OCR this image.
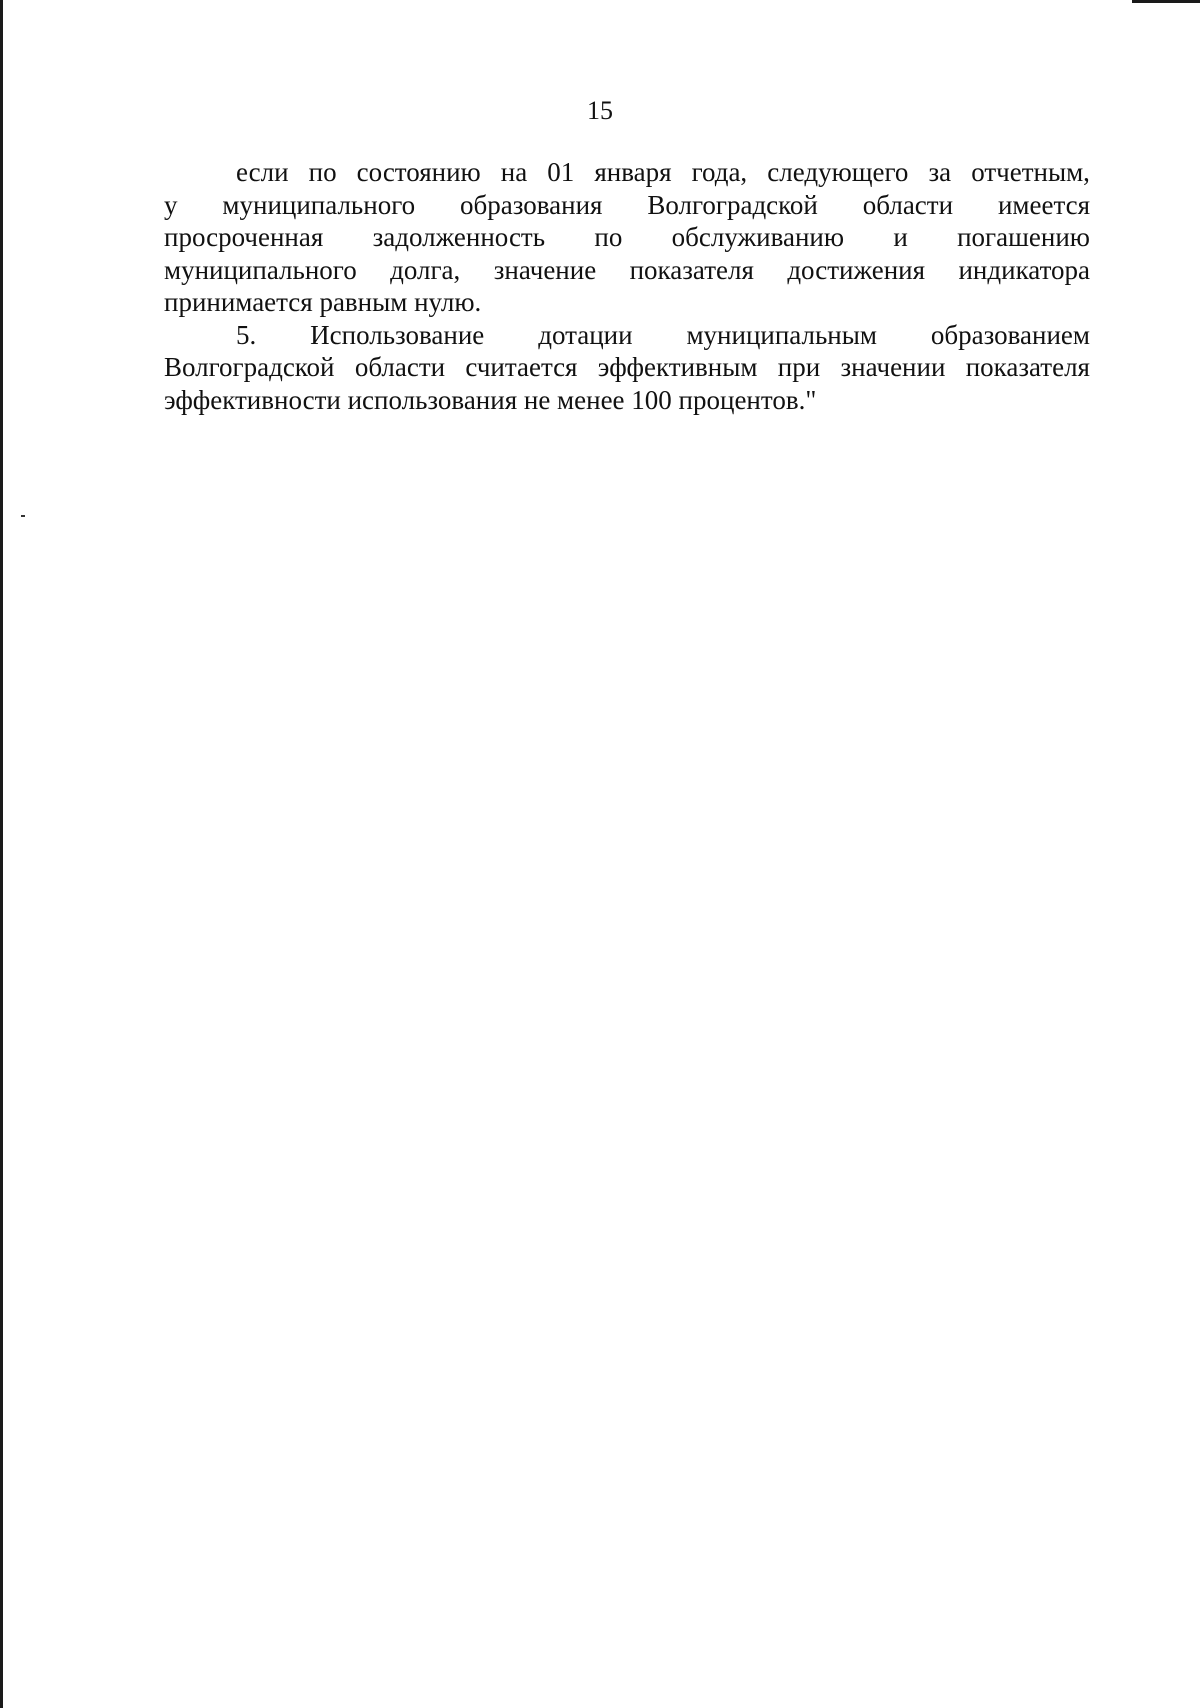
15
если по состоянию на 01 января года, следующего за отчетным,
у муниципального образования Волгоградской области имеется
просроченная задолженность по обслуживанию и погашению
муниципального долга, значение показателя достижения индикатора
принимается равным нулю.
5. Использование дотации муниципальным образованием
Волгоградской области считается эффективным при значении показателя
эффективности использования не менее 100 процентов."
